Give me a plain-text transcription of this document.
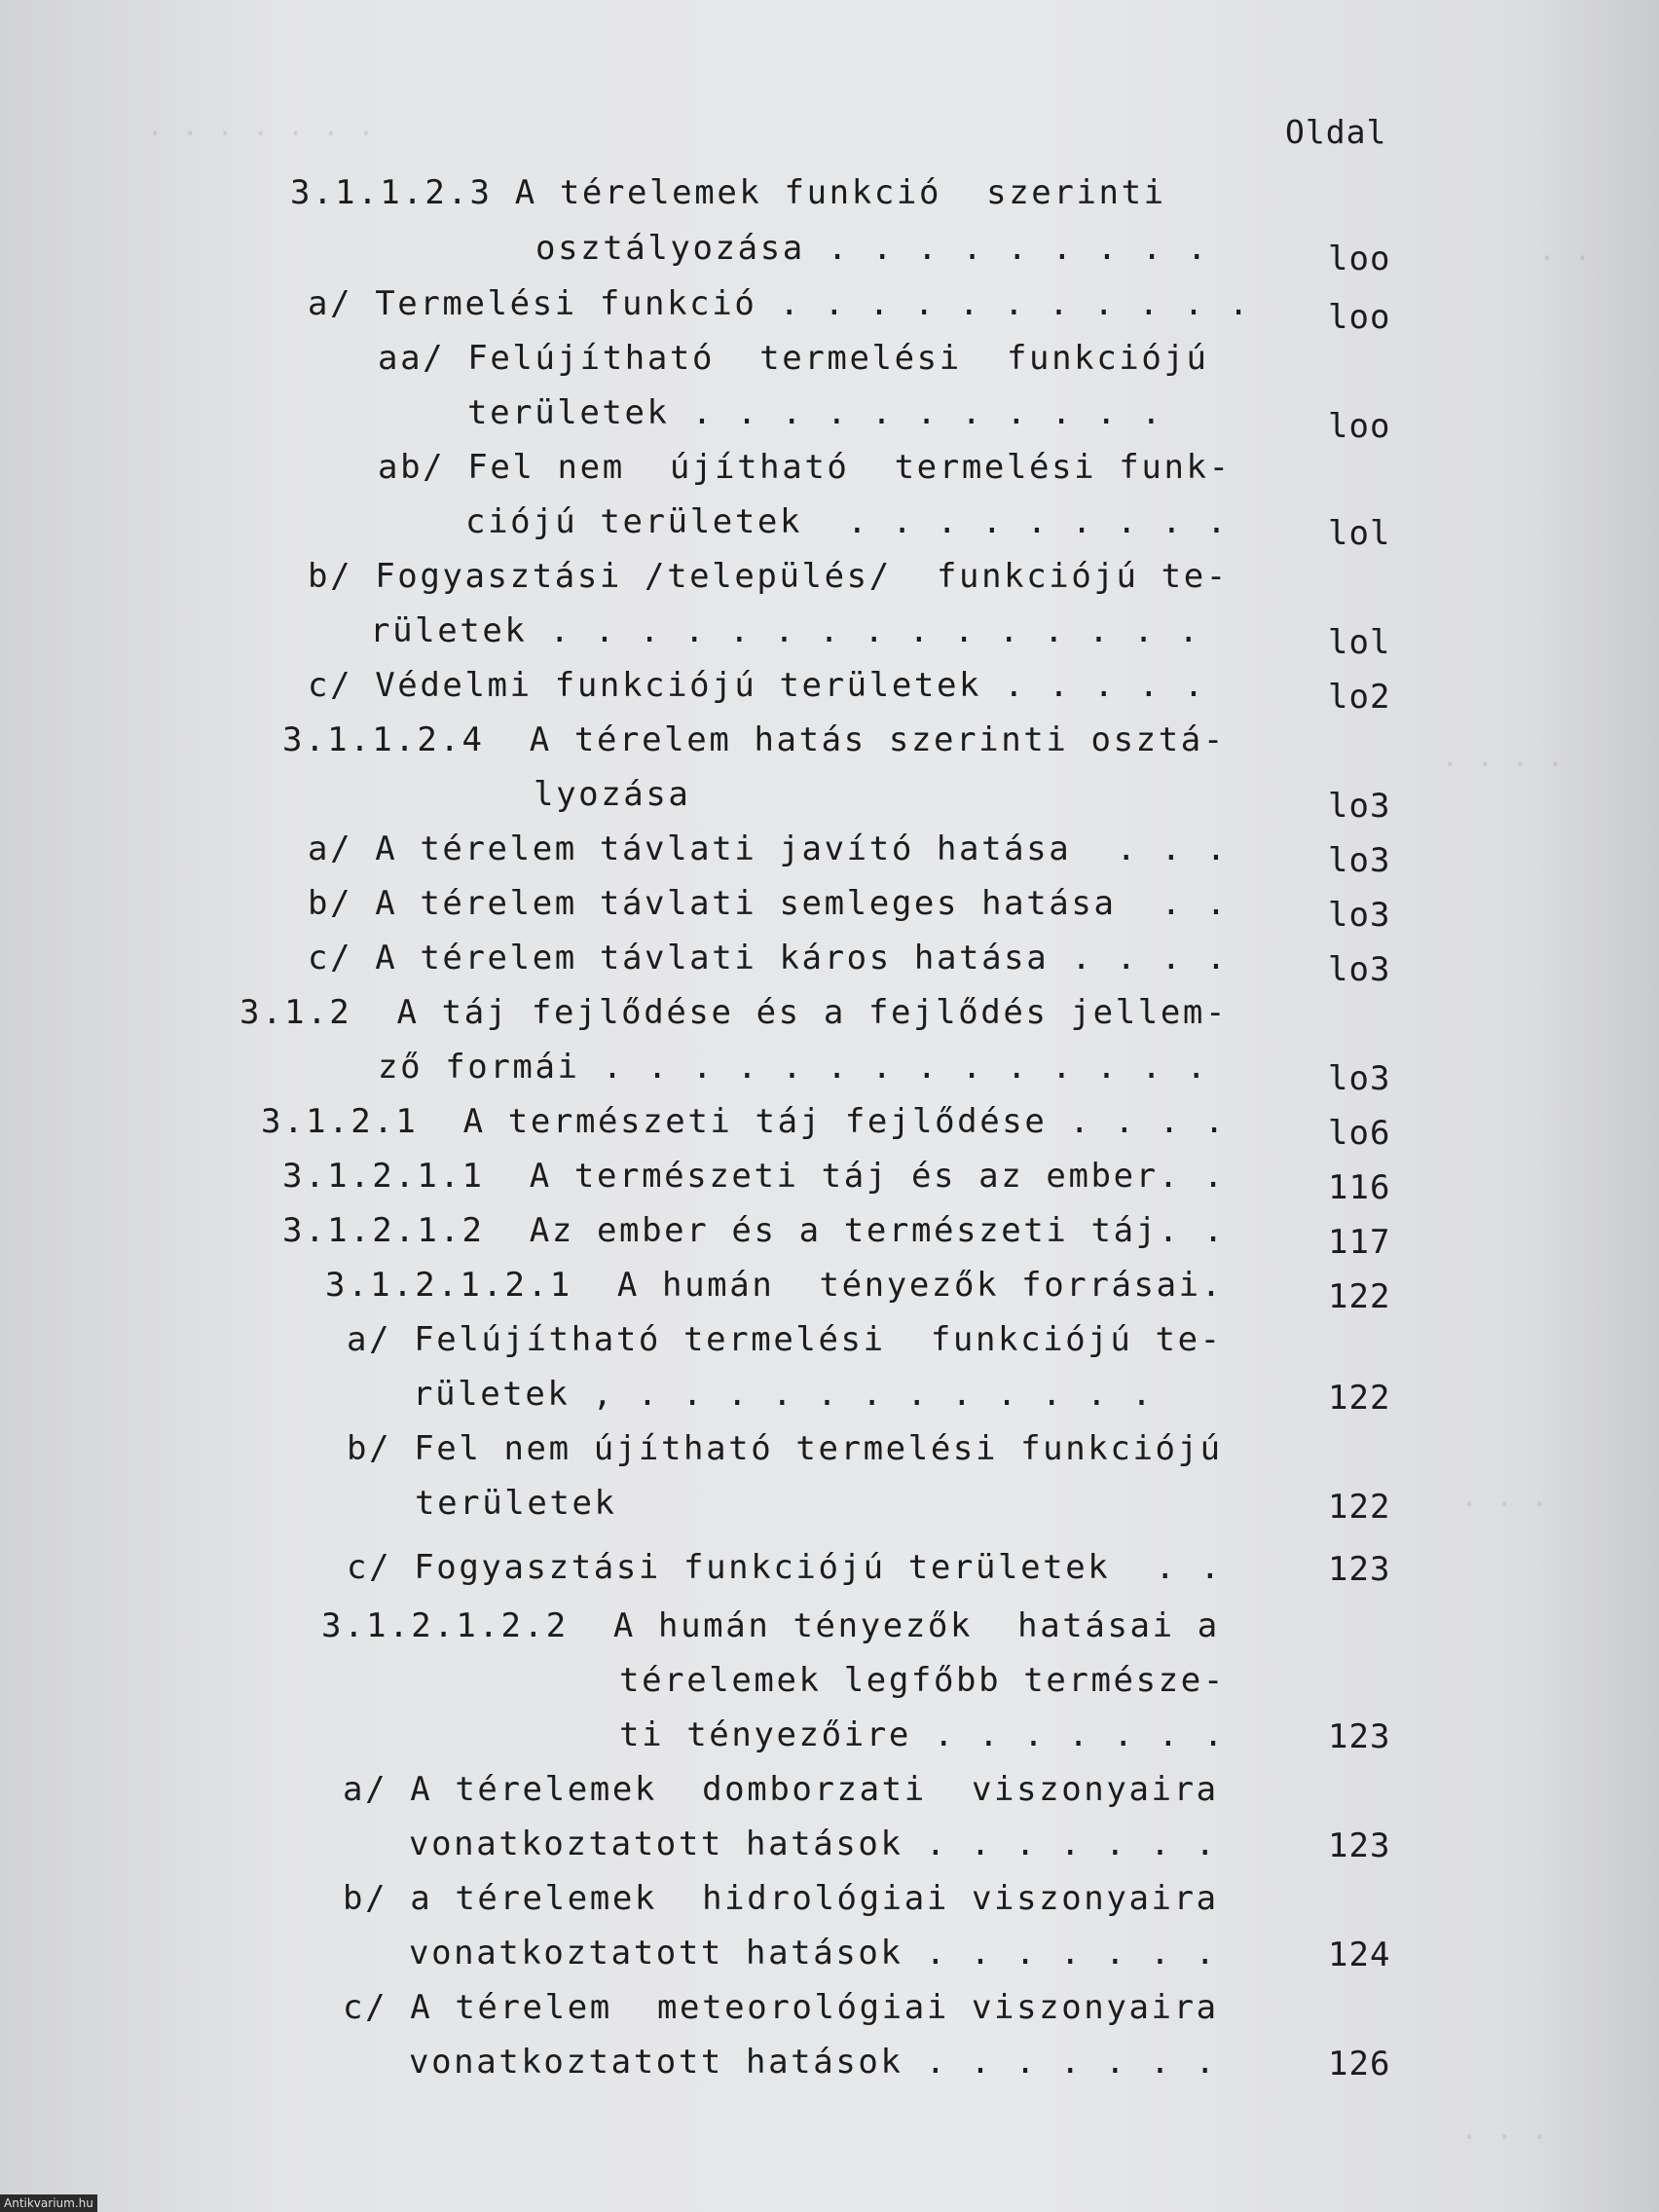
. . . . . . .
. .
. . . .
. . .
. . .
Oldal
3.1.1.2.3 A térelemek funkció  szerinti
osztályozása . . . . . . . . .	loo
a/ Termelési funkció . . . . . . . . . . . loo
aa/ Felújítható  termelési  funkciójú
területek . . . . . . . . . . .	loo
ab/ Fel nem  újítható  termelési funk-
ciójú területek  . . . . . . . . .	lol
b/ Fogyasztási /település/  funkciójú te-
rületek . . . . . . . . . . . . . . .	lol
c/ Védelmi funkciójú területek . . . . .	lo2
3.1.1.2.4  A térelem hatás szerinti osztá-
lyozása	lo3
a/ A térelem távlati javító hatása  . . .	lo3
b/ A térelem távlati semleges hatása  . .	lo3
c/ A térelem távlati káros hatása . . . .	lo3
3.1.2  A táj fejlődése és a fejlődés jellem-
ző formái . . . . . . . . . . . . . .	lo3
3.1.2.1  A természeti táj fejlődése . . . .	lo6
3.1.2.1.1  A természeti táj és az ember. .	116
3.1.2.1.2  Az ember és a természeti táj. .	117
3.1.2.1.2.1  A humán  tényezők forrásai.	122
a/ Felújítható termelési  funkciójú te-
rületek , . . . . . . . . . . . .	122
b/ Fel nem újítható termelési funkciójú
területek	122
c/ Fogyasztási funkciójú területek  . .	123
3.1.2.1.2.2  A humán tényezők  hatásai a
térelemek legfőbb természe-
ti tényezőire . . . . . . .	123
a/ A térelemek  domborzati  viszonyaira
vonatkoztatott hatások . . . . . . .	123
b/ a térelemek  hidrológiai viszonyaira
vonatkoztatott hatások . . . . . . .	124
c/ A térelem  meteorológiai viszonyaira
vonatkoztatott hatások . . . . . . .	126
Antikvarium.hu
